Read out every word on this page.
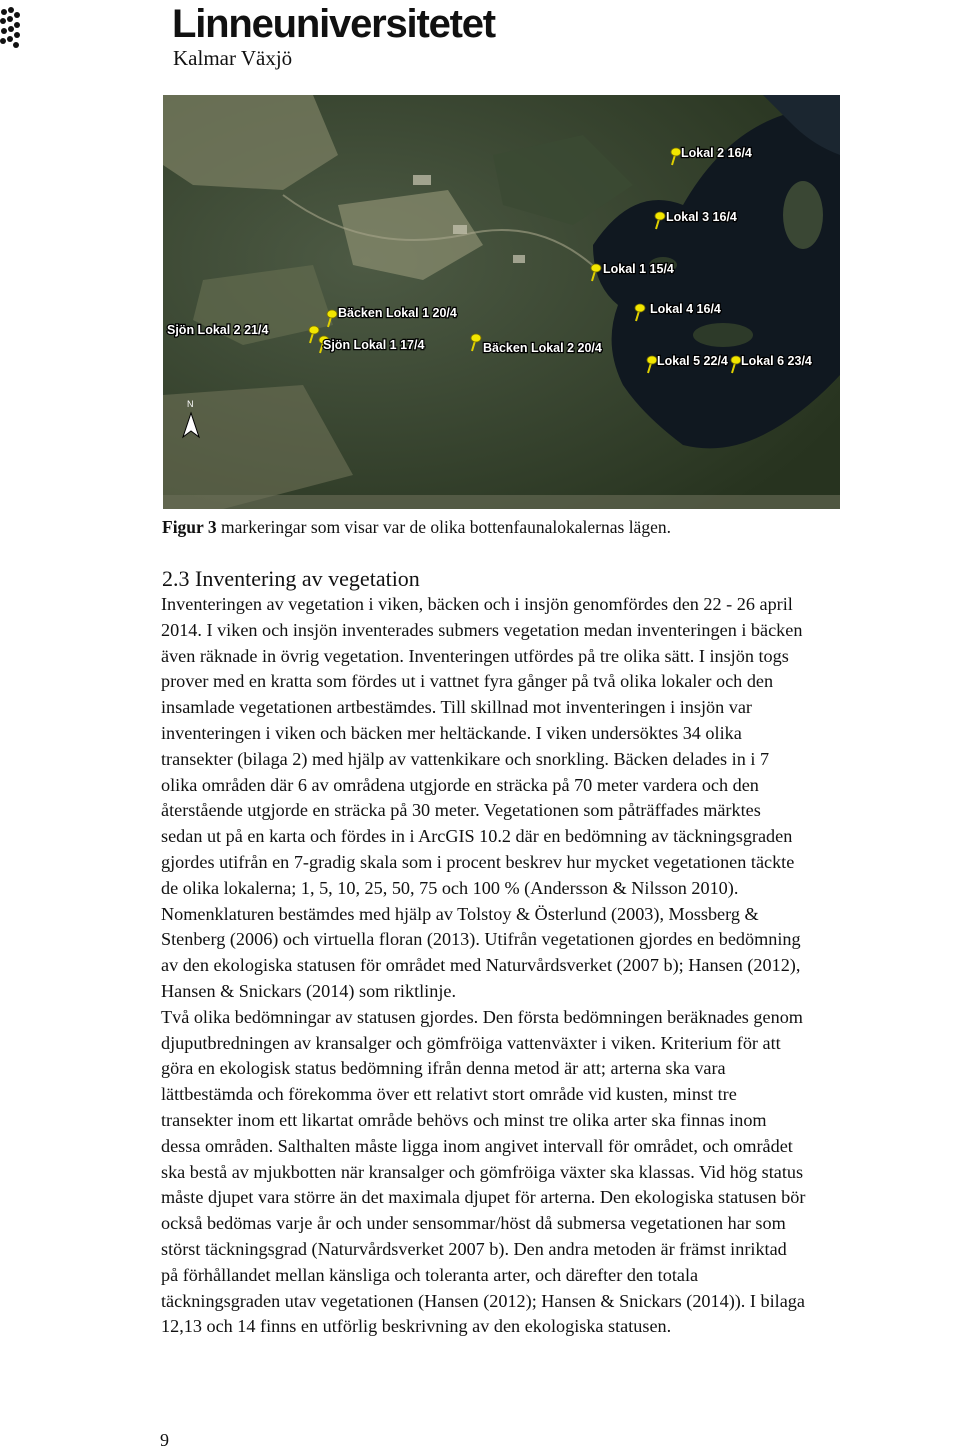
Linneuniversitetet
Kalmar Växjö
N
Lokal 2 16/4
Lokal 3 16/4
Lokal 1 15/4
Lokal 4 16/4
Lokal 5 22/4 Lokal 6 23/4
Bäcken Lokal 1 20/4
Sjön Lokal 2 21/4
Sjön Lokal 1 17/4	Bäcken Lokal 2 20/4
Figur 3 markeringar som visar var de olika bottenfaunalokalernas lägen.
2.3 Inventering av vegetation
Inventeringen av vegetation i viken, bäcken och i insjön genomfördes den 22 - 26 april
2014. I viken och insjön inventerades submers vegetation medan inventeringen i bäcken
även räknade in övrig vegetation. Inventeringen utfördes på tre olika sätt. I insjön togs
prover med en kratta som fördes ut i vattnet fyra gånger på två olika lokaler och den
insamlade vegetationen artbestämdes. Till skillnad mot inventeringen i insjön var
inventeringen i viken och bäcken mer heltäckande. I viken undersöktes 34 olika
transekter (bilaga 2) med hjälp av vattenkikare och snorkling. Bäcken delades in i 7
olika områden där 6 av områdena utgjorde en sträcka på 70 meter vardera och den
återstående utgjorde en sträcka på 30 meter. Vegetationen som påträffades märktes
sedan ut på en karta och fördes in i ArcGIS 10.2 där en bedömning av täckningsgraden
gjordes utifrån en 7-gradig skala som i procent beskrev hur mycket vegetationen täckte
de olika lokalerna; 1, 5, 10, 25, 50, 75 och 100 % (Andersson & Nilsson 2010).
Nomenklaturen bestämdes med hjälp av Tolstoy & Österlund (2003), Mossberg &
Stenberg (2006) och virtuella floran (2013). Utifrån vegetationen gjordes en bedömning
av den ekologiska statusen för området med Naturvårdsverket (2007 b); Hansen (2012),
Hansen & Snickars (2014) som riktlinje.
Två olika bedömningar av statusen gjordes. Den första bedömningen beräknades genom
djuputbredningen av kransalger och gömfröiga vattenväxter i viken. Kriterium för att
göra en ekologisk status bedömning ifrån denna metod är att; arterna ska vara
lättbestämda och förekomma över ett relativt stort område vid kusten, minst tre
transekter inom ett likartat område behövs och minst tre olika arter ska finnas inom
dessa områden. Salthalten måste ligga inom angivet intervall för området, och området
ska bestå av mjukbotten när kransalger och gömfröiga växter ska klassas. Vid hög status
måste djupet vara större än det maximala djupet för arterna. Den ekologiska statusen bör
också bedömas varje år och under sensommar/höst då submersa vegetationen har som
störst täckningsgrad (Naturvårdsverket 2007 b). Den andra metoden är främst inriktad
på förhållandet mellan känsliga och toleranta arter, och därefter den totala
täckningsgraden utav vegetationen (Hansen (2012); Hansen & Snickars (2014)). I bilaga
12,13 och 14 finns en utförlig beskrivning av den ekologiska statusen.
9
